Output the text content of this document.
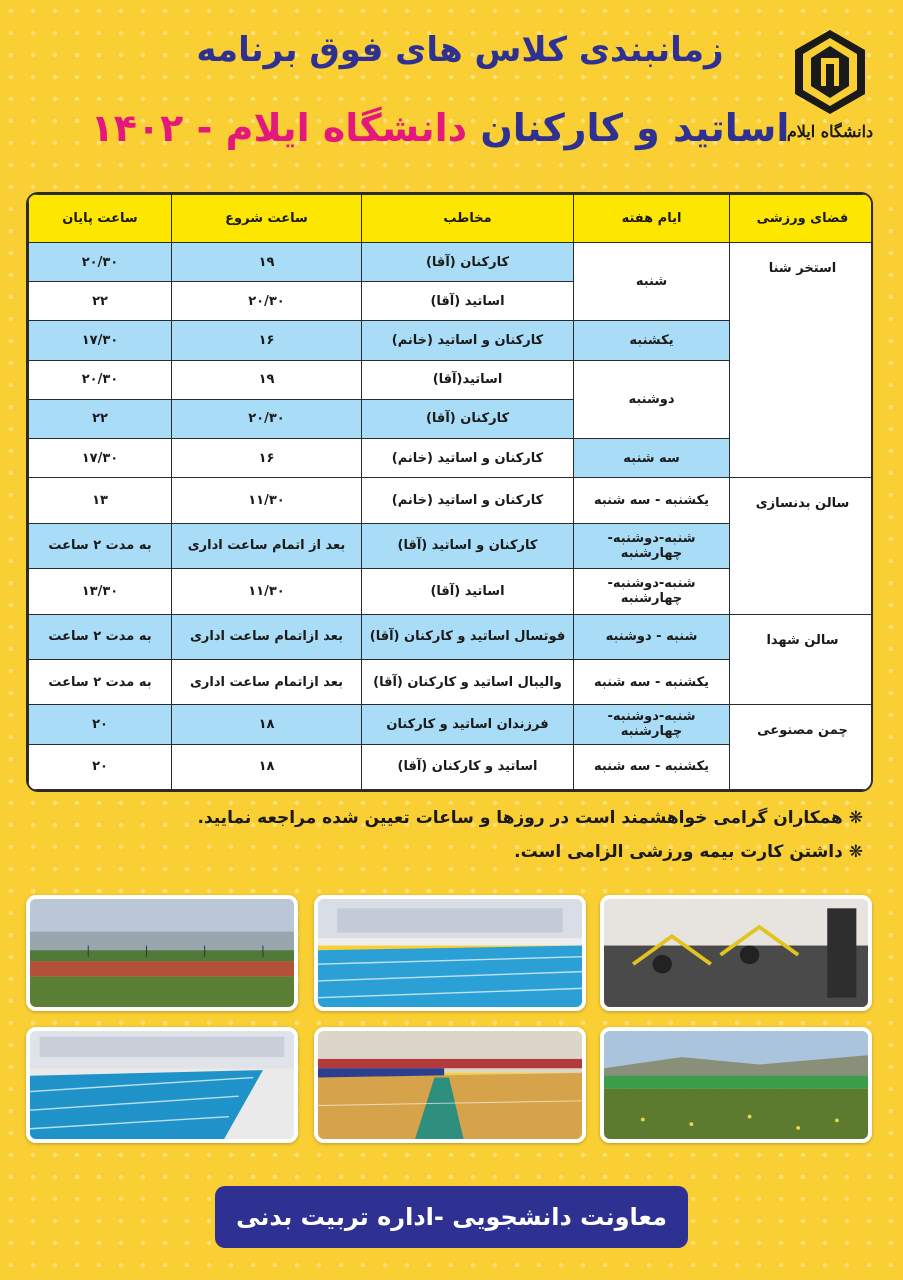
دانشگاه ایلام
زمانبندی کلاس های فوق برنامه
اساتید و کارکنان دانشگاه ایلام - ۱۴۰۲
فضای ورزشی	ایام هفته	مخاطب	ساعت شروع	ساعت پایان
استخر شنا	شنبه	کارکنان (آقا)	۱۹	۲۰/۳۰
		اساتید (آقا)	۲۰/۳۰	۲۲
	یکشنبه	کارکنان و اساتید (خانم)	۱۶	۱۷/۳۰
	دوشنبه	اساتید(آقا)	۱۹	۲۰/۳۰
		کارکنان (آقا)	۲۰/۳۰	۲۲
	سه شنبه	کارکنان و اساتید (خانم)	۱۶	۱۷/۳۰
سالن بدنسازی	یکشنبه - سه شنبه	کارکنان و اساتید (خانم)	۱۱/۳۰	۱۳
	شنبه-دوشنبه-چهارشنبه	کارکنان و اساتید (آقا)	بعد از اتمام ساعت اداری	به مدت ۲ ساعت
	شنبه-دوشنبه-چهارشنبه	اساتید (آقا)	۱۱/۳۰	۱۳/۳۰
سالن شهدا	شنبه - دوشنبه	فوتسال اساتید و کارکنان (آقا)	بعد ازاتمام ساعت اداری	به مدت ۲ ساعت
	یکشنبه - سه شنبه	والیبال اساتید و کارکنان (آقا)	بعد ازاتمام ساعت اداری	به مدت ۲ ساعت
چمن مصنوعی	شنبه-دوشنبه-چهارشنبه	فرزندان اساتید و کارکنان	۱۸	۲۰
	یکشنبه - سه شنبه	اساتید و کارکنان (آقا)	۱۸	۲۰
❋ همکاران گرامی خواهشمند است در روزها و ساعات تعیین شده مراجعه نمایید.
❋ داشتن کارت بیمه ورزشی الزامی است.
معاونت دانشجویی -اداره تربیت بدنی
